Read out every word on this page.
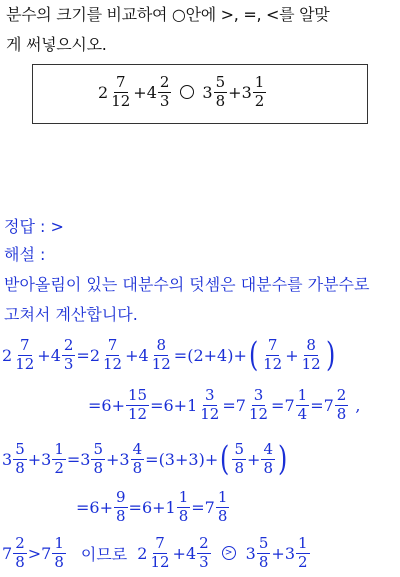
분수의 크기를 비교하여 ○안에 >, =, <를 알맞
게 써넣으시오.
$2 \frac{7}{12} + 4 \frac{2}{3} 3 \frac{5}{8} + 3 \frac{1}{2}$
정답 : >
해설 :
받아올림이 있는 대분수의 덧셈은 대분수를 가분수로
고쳐서 계산합니다.
$2 \frac{7}{12} + 4 \frac{2}{3} = 2 \frac{7}{12} + 4 \frac{8}{12} = (2+4)+$ ( $\frac{7}{12} + \frac{8}{12}$ )
$=6+ \frac{15}{12} =6+1 \frac{3}{12} =7 \frac{3}{12} =7 \frac{1}{4} =7 \frac{2}{8}$ ,
$3 \frac{5}{8} + 3 \frac{1}{2} = 3 \frac{5}{8} + 3 \frac{4}{8} = (3+3)+$ ( $\frac{5}{8} + \frac{4}{8}$ )
$=6+ \frac{9}{8} =6+1 \frac{1}{8} =7 \frac{1}{8}$
$7 \frac{2}{8} > 7 \frac{1}{8}$ 이므로 $2 \frac{7}{12} + 4 \frac{2}{3}$	> $3 \frac{5}{8} + 3 \frac{1}{2}$
